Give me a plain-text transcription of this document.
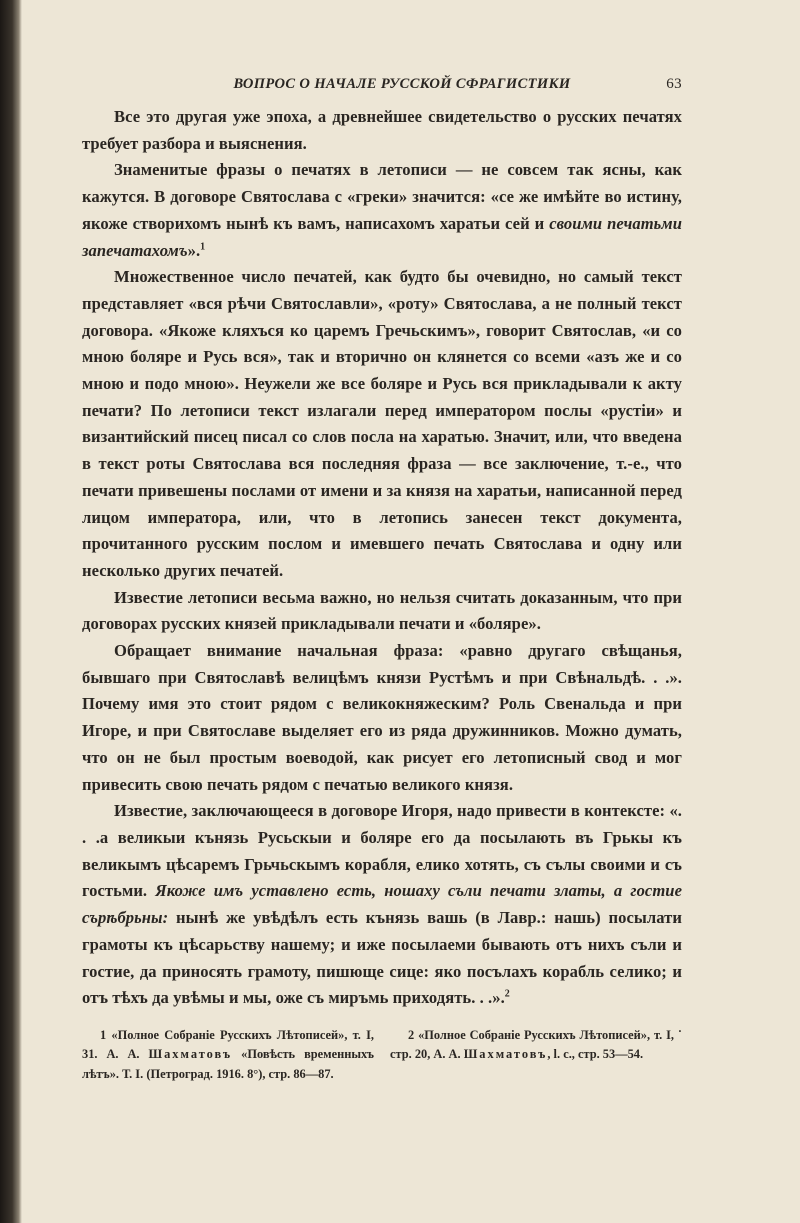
ВОПРОС О НАЧАЛЕ РУССКОЙ СФРАГИСТИКИ	63

Все это другая уже эпоха, а древнейшее свидетельство о русских печатях требует разбора и выяснения.

Знаменитые фразы о печатях в летописи — не совсем так ясны, как кажутся. В договоре Святослава с «греки» значится: «се же имѣйте во истину, якоже створихомъ нынѣ къ вамъ, написахомъ харатьи сей и своими печатьми запечатахомъ».$^1$

Множественное число печатей, как будто бы очевидно, но самый текст представляет «вся рѣчи Святославли», «роту» Святослава, а не полный текст договора. «Якоже кляхъся ко царемъ Гречьскимъ», говорит Святослав, «и со мною боляре и Русь вся», так и вторично он клянется со всеми «азъ же и со мною и подо мною». Неужели же все боляре и Русь вся прикладывали к акту печати? По летописи текст излагали перед императором послы «рустiи» и византийский писец писал со слов посла на харатью. Значит, или, что введена в текст роты Святослава вся последняя фраза — все заключение, т.-е., что печати привешены послами от имени и за князя на харатьи, написанной перед лицом императора, или, что в летопись занесен текст документа, прочитанного русским послом и имевшего печать Святослава и одну или несколько других печатей.

Известие летописи весьма важно, но нельзя считать доказанным, что при договорах русских князей прикладывали печати и «боляре».

Обращает внимание начальная фраза: «равно другаго свѣщанья, бывшаго при Святославѣ велицѣмъ князи Рустѣмъ и при Свѣнальдѣ. . .». Почему имя это стоит рядом с великокняжеским? Роль Свенальда и при Игоре, и при Святославе выделяет его из ряда дружинников. Можно думать, что он не был простым воеводой, как рисует его летописный свод и мог привесить свою печать рядом с печатью великого князя.

Известие, заключающееся в договоре Игоря, надо привести в контексте: «. . .а великыи кънязь Русьскыи и боляре его да посылають въ Грькы къ великымъ цѣсаремъ Грьчьскымъ корабля, елико хотять, съ сълы своими и съ гостьми. Якоже имъ уставлено есть, ношаху съли печати златы, а гостие сърѣбрьны: нынѣ же увѣдѣлъ есть кънязь вашь (в Лавр.: нашь) посылати грамоты къ цѣсарьству нашему; и иже посылаеми бывають отъ нихъ съли и гостие, да приносять грамоту, пишюще сице: яко посълахъ корабль селико; и отъ тѣхъ да увѣмы и мы, оже съ миръмь приходять. . .».$^2$

1 «Полное Собранiе Русскихъ Лѣтописей», т. I, 31. А. А. Шахматовъ «Повѣсть временныхъ лѣтъ». Т. I. (Петроград. 1916. 8°), стр. 86—87.
2 «Полное Собранiе Русскихъ Лѣтописей», т. I, ˙ стр. 20, А. А. Шахматовъ, l. c., стр. 53—54.
